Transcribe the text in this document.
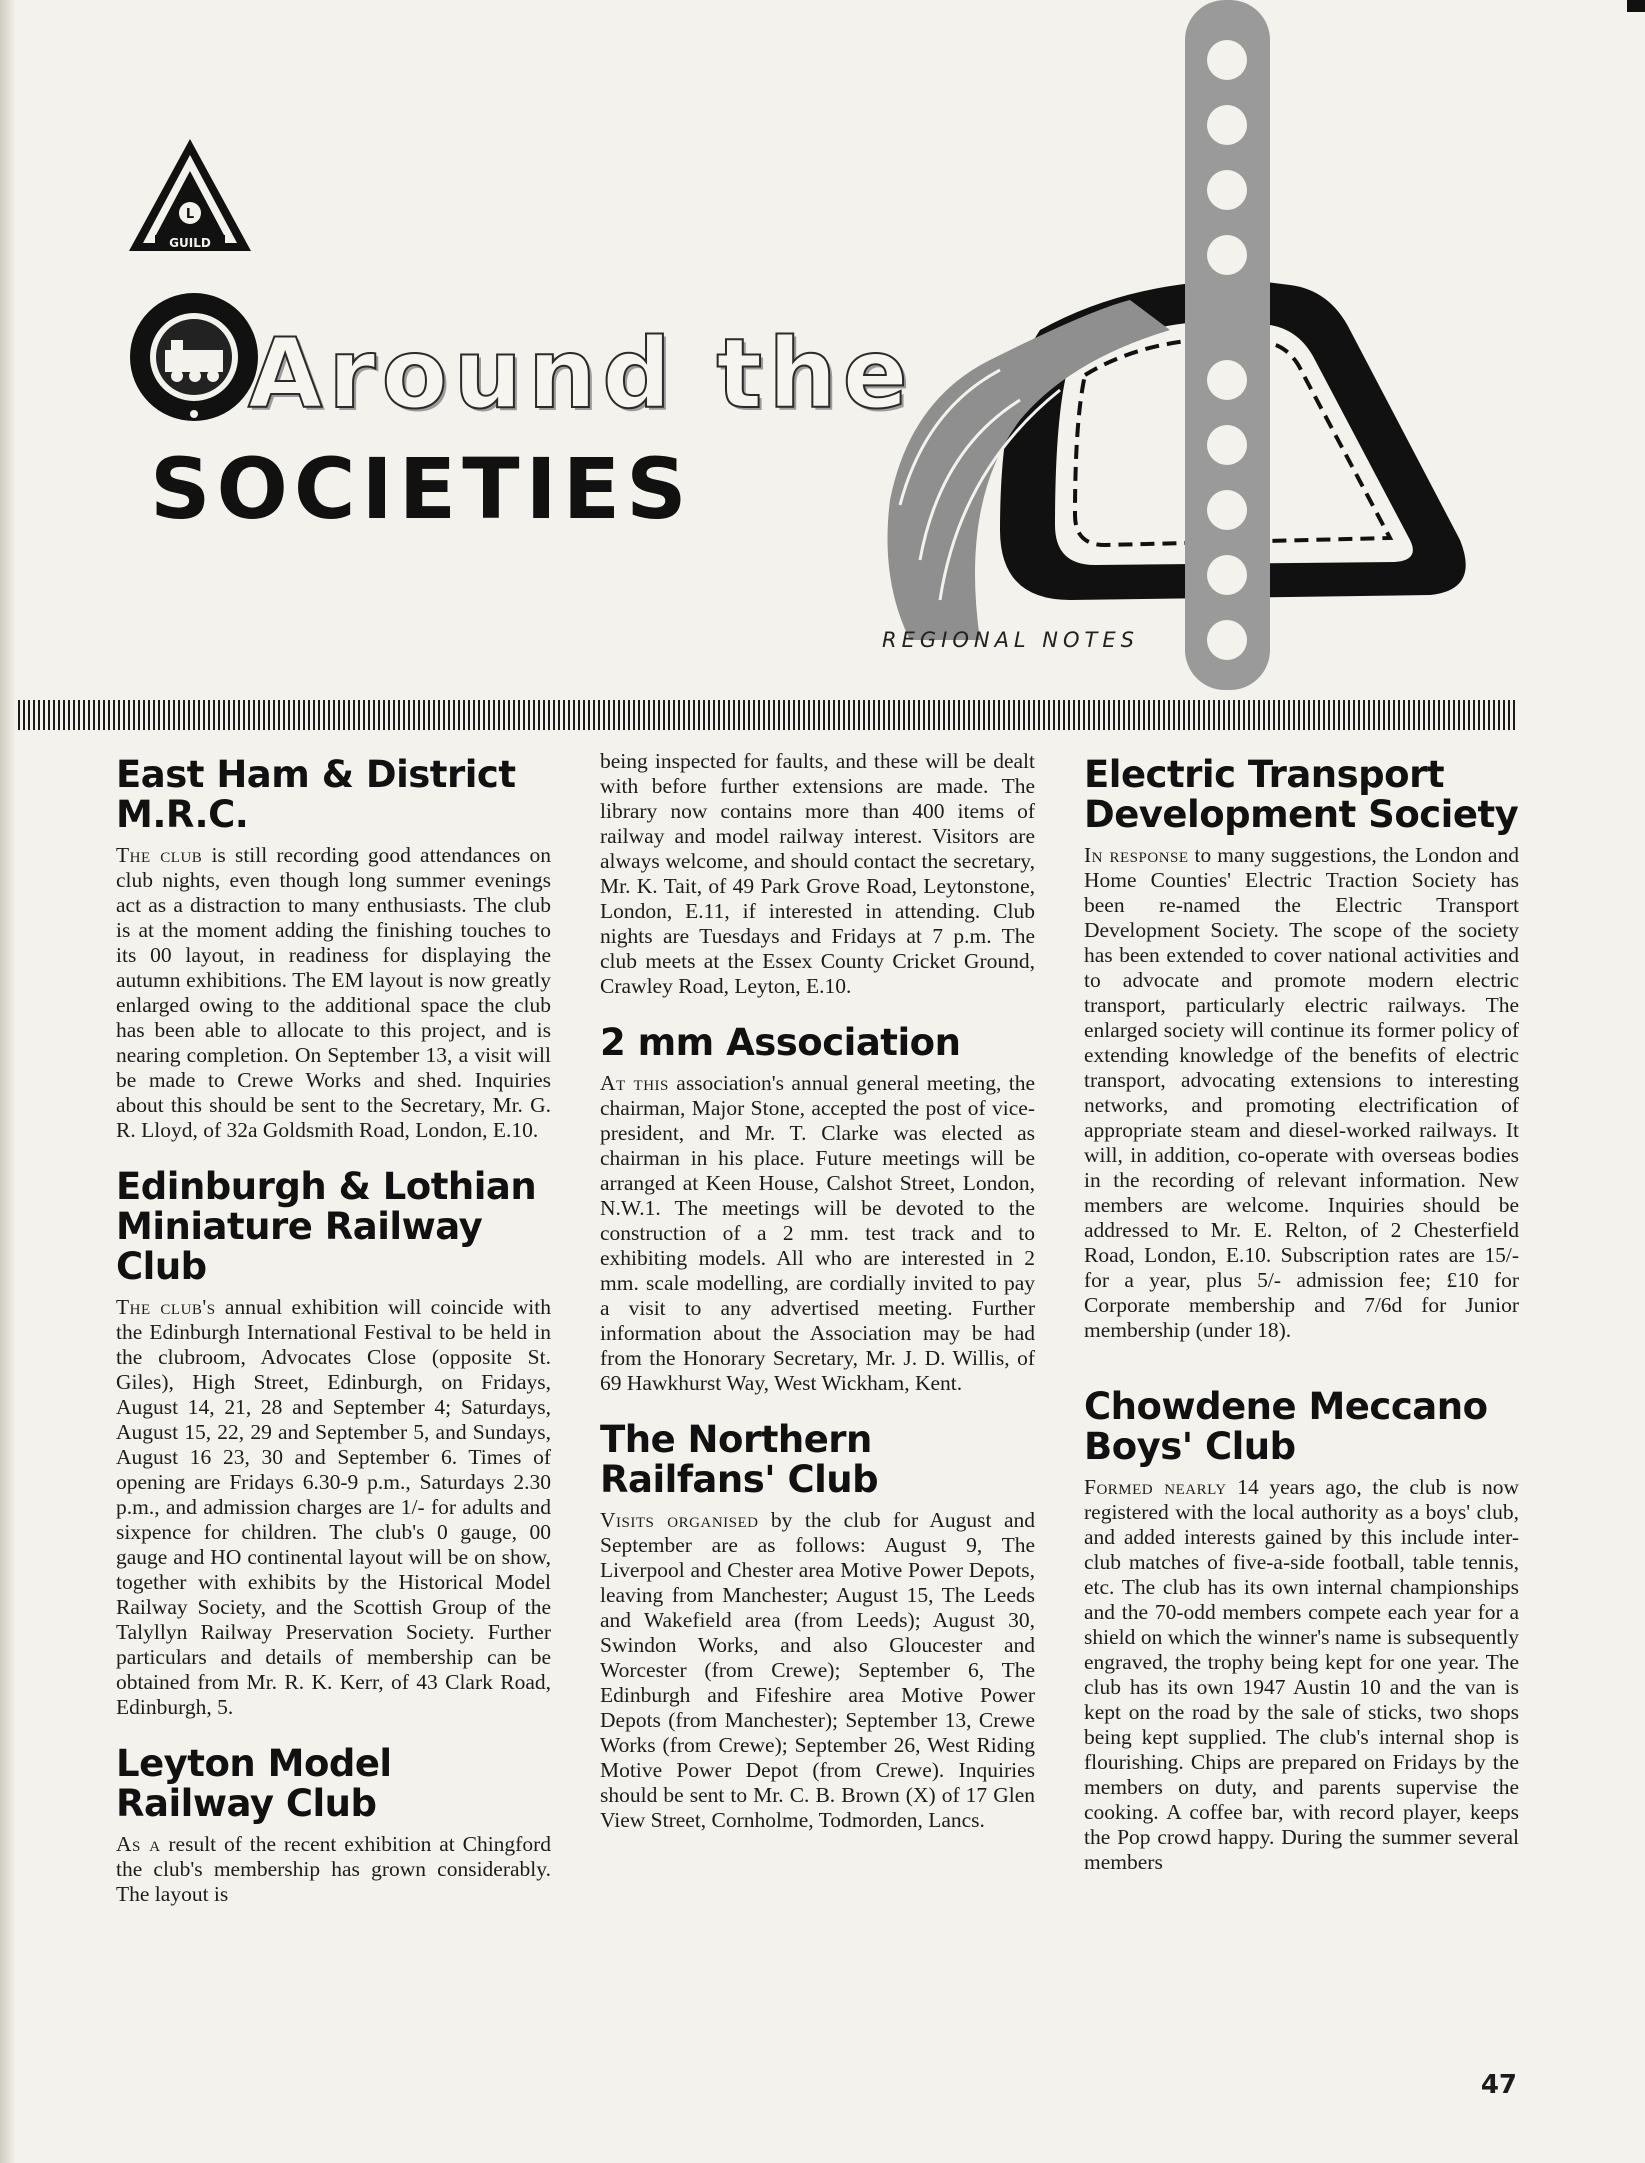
L
GUILD
Around the
SOCIETIES

REGIONAL NOTES

East Ham & District M.R.C.

The club is still recording good attendances on club nights, even though long summer evenings act as a distraction to many enthusiasts. The club is at the moment adding the finishing touches to its 00 layout, in readiness for displaying the autumn exhibitions. The EM layout is now greatly enlarged owing to the additional space the club has been able to allocate to this project, and is nearing completion. On September 13, a visit will be made to Crewe Works and shed. Inquiries about this should be sent to the Secretary, Mr. G. R. Lloyd, of 32a Goldsmith Road, London, E.10.

Edinburgh & Lothian Miniature Railway Club

The club's annual exhibition will coincide with the Edinburgh International Festival to be held in the clubroom, Advocates Close (opposite St. Giles), High Street, Edinburgh, on Fridays, August 14, 21, 28 and September 4; Saturdays, August 15, 22, 29 and September 5, and Sundays, August 16 23, 30 and September 6. Times of opening are Fridays 6.30-9 p.m., Saturdays 2.30 p.m., and admission charges are 1/- for adults and sixpence for children. The club's 0 gauge, 00 gauge and HO continental layout will be on show, together with exhibits by the Historical Model Railway Society, and the Scottish Group of the Talyllyn Railway Preservation Society. Further particulars and details of membership can be obtained from Mr. R. K. Kerr, of 43 Clark Road, Edinburgh, 5.

Leyton Model Railway Club

As a result of the recent exhibition at Chingford the club's membership has grown considerably. The layout is

being inspected for faults, and these will be dealt with before further extensions are made. The library now contains more than 400 items of railway and model railway interest. Visitors are always welcome, and should contact the secretary, Mr. K. Tait, of 49 Park Grove Road, Leytonstone, London, E.11, if interested in attending. Club nights are Tuesdays and Fridays at 7 p.m. The club meets at the Essex County Cricket Ground, Crawley Road, Leyton, E.10.

2 mm Association

At this association's annual general meeting, the chairman, Major Stone, accepted the post of vice-president, and Mr. T. Clarke was elected as chairman in his place. Future meetings will be arranged at Keen House, Calshot Street, London, N.W.1. The meetings will be devoted to the construction of a 2 mm. test track and to exhibiting models. All who are interested in 2 mm. scale modelling, are cordially invited to pay a visit to any advertised meeting. Further information about the Association may be had from the Honorary Secretary, Mr. J. D. Willis, of 69 Hawkhurst Way, West Wickham, Kent.

The Northern Railfans' Club

Visits organised by the club for August and September are as follows: August 9, The Liverpool and Chester area Motive Power Depots, leaving from Manchester; August 15, The Leeds and Wakefield area (from Leeds); August 30, Swindon Works, and also Gloucester and Worcester (from Crewe); September 6, The Edinburgh and Fifeshire area Motive Power Depots (from Manchester); September 13, Crewe Works (from Crewe); September 26, West Riding Motive Power Depot (from Crewe). Inquiries should be sent to Mr. C. B. Brown (X) of 17 Glen View Street, Cornholme, Todmorden, Lancs.

Electric Transport Development Society

In response to many suggestions, the London and Home Counties' Electric Traction Society has been re-named the Electric Transport Development Society. The scope of the society has been extended to cover national activities and to advocate and promote modern electric transport, particularly electric railways. The enlarged society will continue its former policy of extending knowledge of the benefits of electric transport, advocating extensions to interesting networks, and promoting electrification of appropriate steam and diesel-worked railways. It will, in addition, co-operate with overseas bodies in the recording of relevant information. New members are welcome. Inquiries should be addressed to Mr. E. Relton, of 2 Chesterfield Road, London, E.10. Subscription rates are 15/- for a year, plus 5/- admission fee; £10 for Corporate membership and 7/6d for Junior membership (under 18).

Chowdene Meccano Boys' Club

Formed nearly 14 years ago, the club is now registered with the local authority as a boys' club, and added interests gained by this include inter-club matches of five-a-side football, table tennis, etc. The club has its own internal championships and the 70-odd members compete each year for a shield on which the winner's name is subsequently engraved, the trophy being kept for one year. The club has its own 1947 Austin 10 and the van is kept on the road by the sale of sticks, two shops being kept supplied. The club's internal shop is flourishing. Chips are prepared on Fridays by the members on duty, and parents supervise the cooking. A coffee bar, with record player, keeps the Pop crowd happy. During the summer several members

47
